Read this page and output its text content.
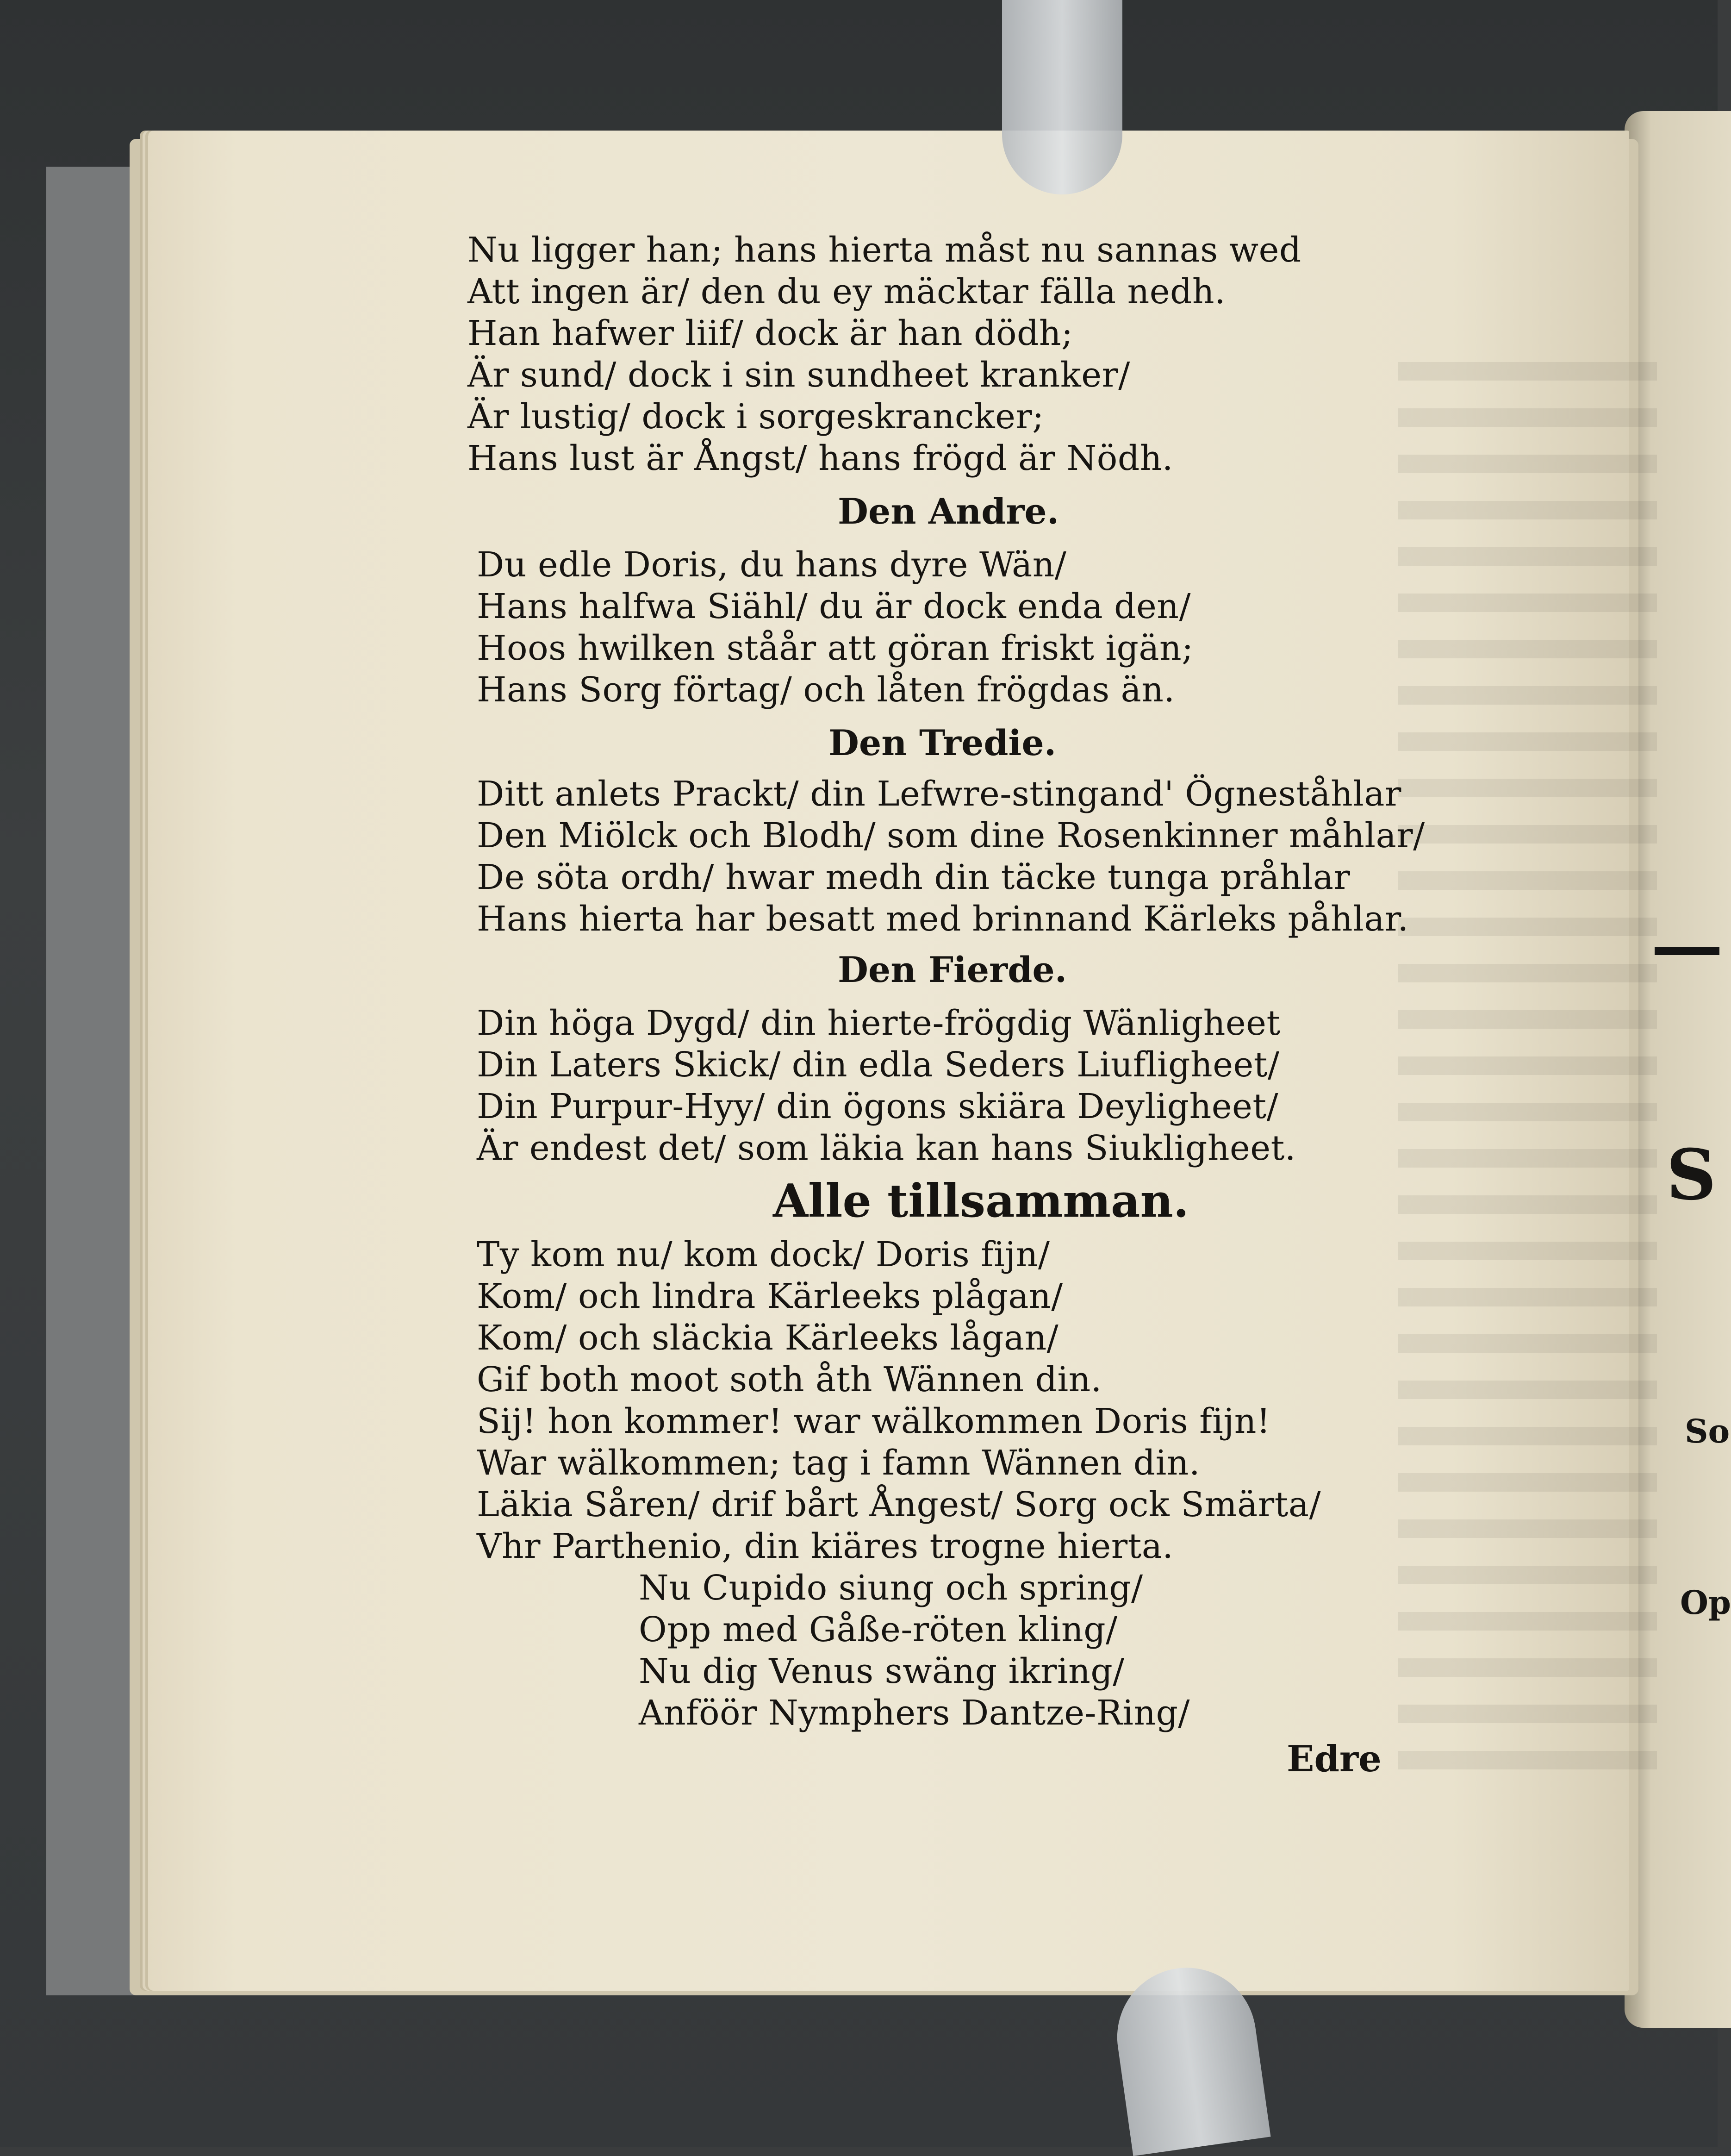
S
So
Op
Nu ligger han; hans hierta måst nu sannas wed
Att ingen är/ den du ey mäcktar fälla nedh.
Han hafwer liif/ dock är han dödh;
Är sund/ dock i sin sundheet kranker/
Är lustig/ dock i sorgeskrancker;
Hans lust är Ångst/ hans frögd är Nödh.
Den Andre.
Du edle Doris, du hans dyre Wän/
Hans halfwa Siähl/ du är dock enda den/
Hoos hwilken ståår att göran friskt igän;
Hans Sorg förtag/ och låten frögdas än.
Den Tredie.
Ditt anlets Prackt/ din Lefwre-stingand' Ögneståhlar
Den Miölck och Blodh/ som dine Rosenkinner måhlar/
De söta ordh/ hwar medh din täcke tunga pråhlar
Hans hierta har besatt med brinnand Kärleks påhlar.
Den Fierde.
Din höga Dygd/ din hierte-frögdig Wänligheet
Din Laters Skick/ din edla Seders Liufligheet/
Din Purpur-Hyy/ din ögons skiära Deyligheet/
Är endest det/ som läkia kan hans Siukligheet.
Alle tillsamman.
Ty kom nu/ kom dock/ Doris fijn/
Kom/ och lindra Kärleeks plågan/
Kom/ och släckia Kärleeks lågan/
Gif both moot soth åth Wännen din.
Sij! hon kommer! war wälkommen Doris fijn!
War wälkommen; tag i famn Wännen din.
Läkia Såren/ drif bårt Ångest/ Sorg ock Smärta/
Vhr Parthenio, din kiäres trogne hierta.
Nu Cupido siung och spring/
Opp med Gåße-röten kling/
Nu dig Venus swäng ikring/
Anföör Nymphers Dantze-Ring/
Edre
